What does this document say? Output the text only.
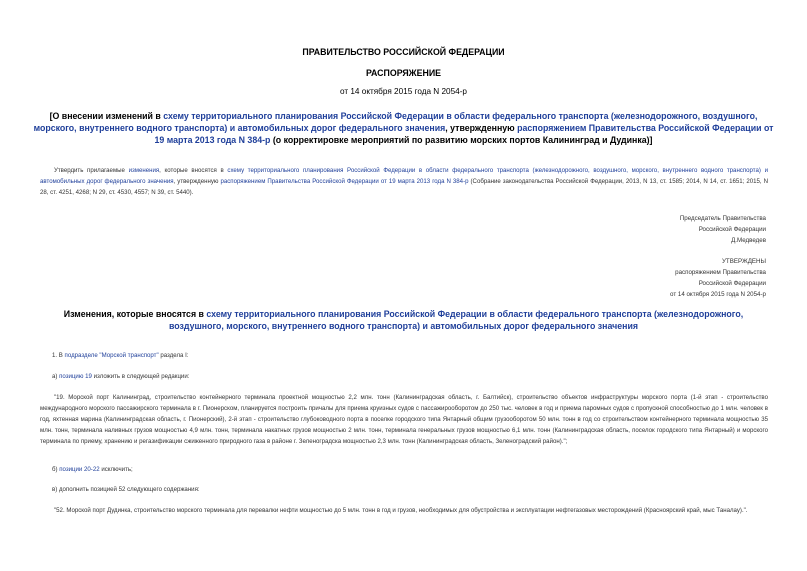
ПРАВИТЕЛЬСТВО РОССИЙСКОЙ ФЕДЕРАЦИИ
РАСПОРЯЖЕНИЕ
от 14 октября 2015 года N 2054-р
[О внесении изменений в схему территориального планирования Российской Федерации в области федерального транспорта (железнодорожного, воздушного, морского, внутреннего водного транспорта) и автомобильных дорог федерального значения, утвержденную распоряжением Правительства Российской Федерации от 19 марта 2013 года N 384-р (о корректировке мероприятий по развитию морских портов Калининград и Дудинка)]
Утвердить прилагаемые изменения, которые вносятся в схему территориального планирования Российской Федерации в области федерального транспорта (железнодорожного, воздушного, морского, внутреннего водного транспорта) и автомобильных дорог федерального значения, утвержденную распоряжением Правительства Российской Федерации от 19 марта 2013 года N 384-р (Собрание законодательства Российской Федерации, 2013, N 13, ст. 1585; 2014, N 14, ст. 1651; 2015, N 28, ст. 4251, 4268; N 29, ст. 4530, 4557; N 39, ст. 5440).
Председатель Правительства
Российской Федерации
Д.Медведев
УТВЕРЖДЕНЫ
распоряжением Правительства
Российской Федерации
от 14 октября 2015 года N 2054-р
Изменения, которые вносятся в схему территориального планирования Российской Федерации в области федерального транспорта (железнодорожного, воздушного, морского, внутреннего водного транспорта) и автомобильных дорог федерального значения
1. В подразделе "Морской транспорт" раздела I:
а) позицию 19 изложить в следующей редакции:
"19. Морской порт Калининград, строительство контейнерного терминала проектной мощностью 2,2 млн. тонн (Калининградская область, г. Балтийск), строительство объектов инфраструктуры морского порта (1-й этап - строительство международного морского пассажирского терминала в г. Пионерском, планируется построить причалы для приема круизных судов с пассажирооборотом до 250 тыс. человек в год и приема паромных судов с пропускной способностью до 1 млн. человек в год, яхтенная марина (Калининградская область, г. Пионерский), 2-й этап - строительство глубоководного порта в поселке городского типа Янтарный общим грузооборотом 50 млн. тонн в год со строительством контейнерного терминала мощностью 35 млн. тонн, терминала наливных грузов мощностью 4,9 млн. тонн, терминала накатных грузов мощностью 2 млн. тонн, терминала генеральных грузов мощностью 6,1 млн. тонн (Калининградская область, поселок городского типа Янтарный) и морского терминала по приему, хранению и регазификации сжиженного природного газа в районе г. Зеленоградска мощностью 2,3 млн. тонн (Калининградская область, Зеленоградский район).";
б) позиции 20-22 исключить;
в) дополнить позицией 52 следующего содержания:
"52. Морской порт Дудинка, строительство морского терминала для перевалки нефти мощностью до 5 млн. тонн в год и грузов, необходимых для обустройства и эксплуатации нефтегазовых месторождений (Красноярский край, мыс Таналау).".
